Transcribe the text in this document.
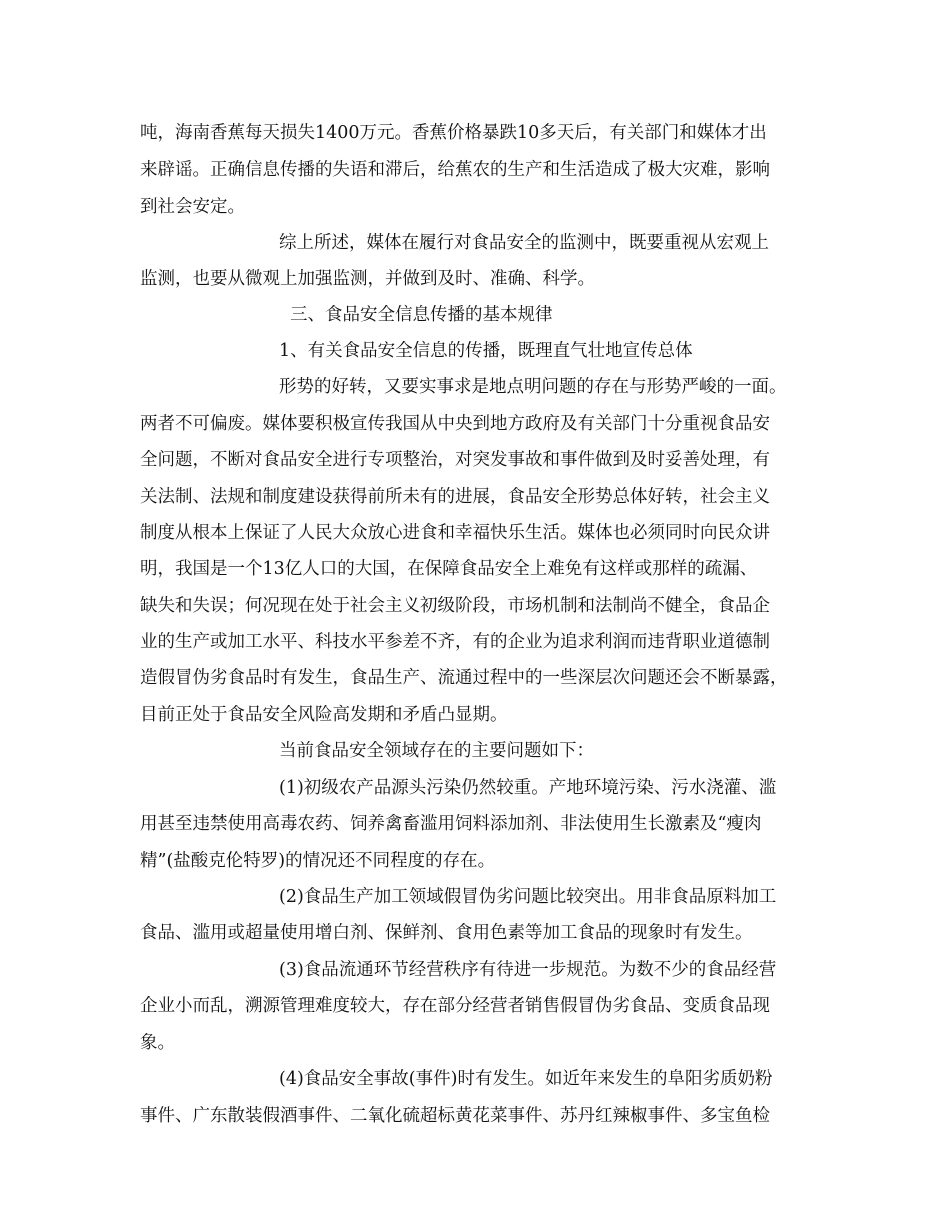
吨，海南香蕉每天损失1400万元。香蕉价格暴跌10多天后，有关部门和媒体才出
来辟谣。正确信息传播的失语和滞后，给蕉农的生产和生活造成了极大灾难，影响
到社会安定。
综上所述，媒体在履行对食品安全的监测中，既要重视从宏观上
监测，也要从微观上加强监测，并做到及时、准确、科学。
三、食品安全信息传播的基本规律
1、有关食品安全信息的传播，既理直气壮地宣传总体
形势的好转，又要实事求是地点明问题的存在与形势严峻的一面。
两者不可偏废。媒体要积极宣传我国从中央到地方政府及有关部门十分重视食品安
全问题，不断对食品安全进行专项整治，对突发事故和事件做到及时妥善处理，有
关法制、法规和制度建设获得前所未有的进展，食品安全形势总体好转，社会主义
制度从根本上保证了人民大众放心进食和幸福快乐生活。媒体也必须同时向民众讲
明，我国是一个13亿人口的大国，在保障食品安全上难免有这样或那样的疏漏、
缺失和失误；何况现在处于社会主义初级阶段，市场机制和法制尚不健全，食品企
业的生产或加工水平、科技水平参差不齐，有的企业为追求利润而违背职业道德制
造假冒伪劣食品时有发生，食品生产、流通过程中的一些深层次问题还会不断暴露，
目前正处于食品安全风险高发期和矛盾凸显期。
当前食品安全领域存在的主要问题如下：
(1)初级农产品源头污染仍然较重。产地环境污染、污水浇灌、滥
用甚至违禁使用高毒农药、饲养禽畜滥用饲料添加剂、非法使用生长激素及“瘦肉
精”(盐酸克伦特罗)的情况还不同程度的存在。
(2)食品生产加工领域假冒伪劣问题比较突出。用非食品原料加工
食品、滥用或超量使用增白剂、保鲜剂、食用色素等加工食品的现象时有发生。
(3)食品流通环节经营秩序有待进一步规范。为数不少的食品经营
企业小而乱，溯源管理难度较大，存在部分经营者销售假冒伪劣食品、变质食品现
象。
(4)食品安全事故(事件)时有发生。如近年来发生的阜阳劣质奶粉
事件、广东散装假酒事件、二氧化硫超标黄花菜事件、苏丹红辣椒事件、多宝鱼检
